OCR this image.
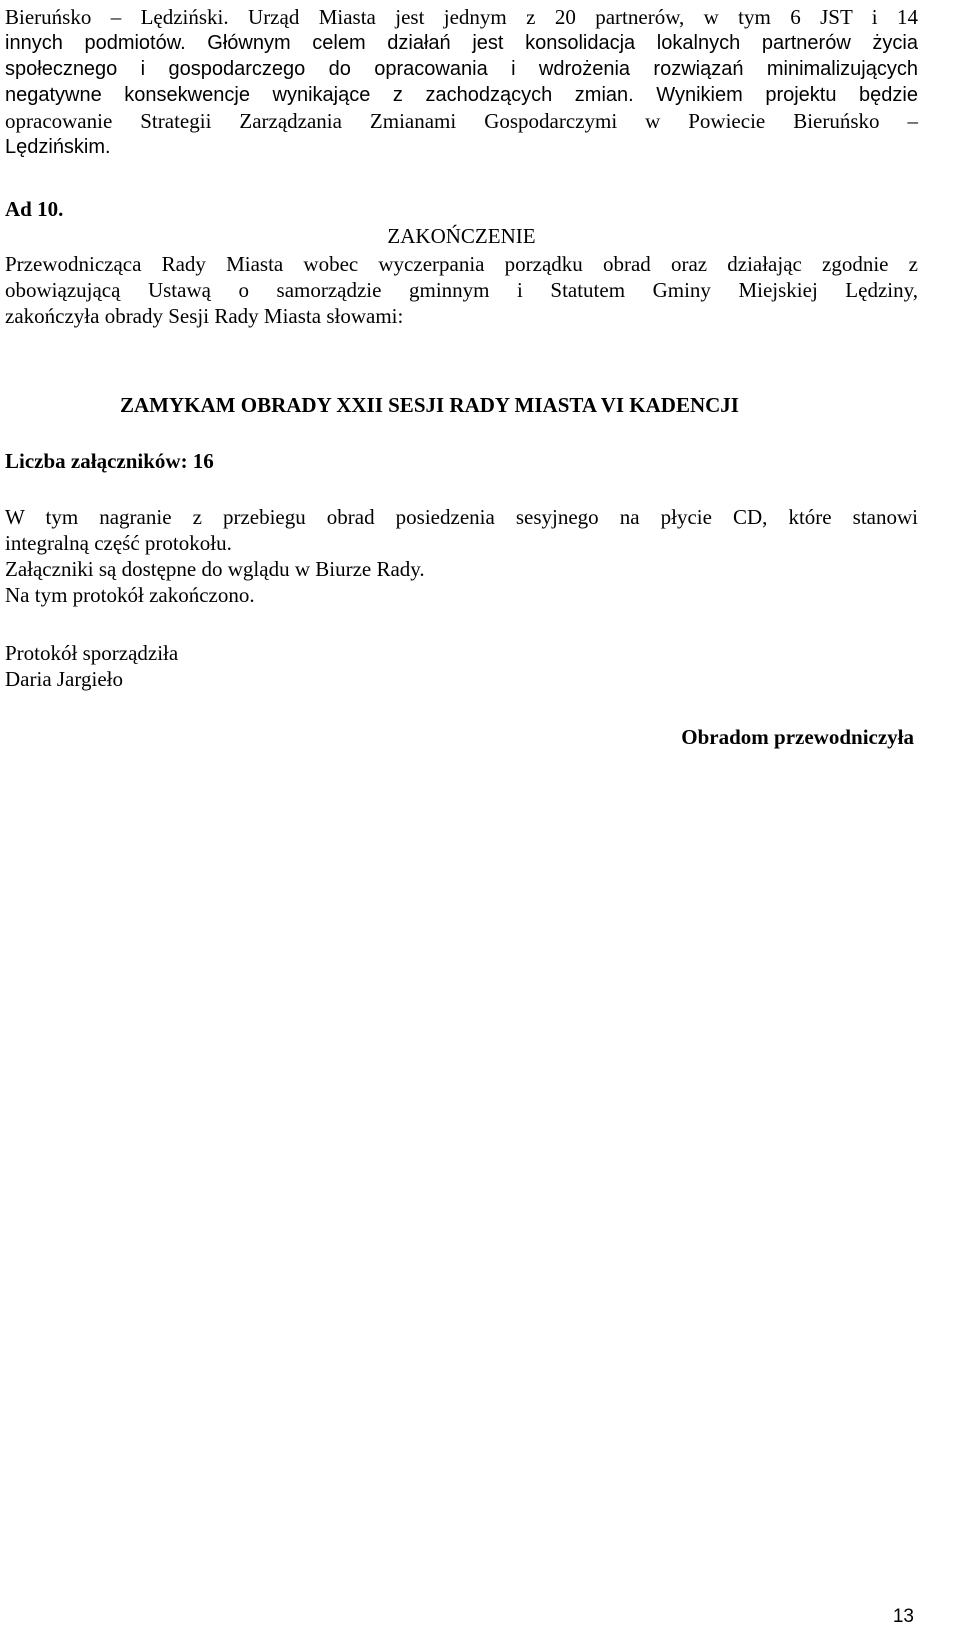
Bieruńsko – Lędziński. Urząd Miasta jest jednym z 20 partnerów, w tym 6 JST i 14
innych podmiotów. Głównym celem działań jest konsolidacja lokalnych partnerów życia
społecznego i gospodarczego do opracowania i wdrożenia rozwiązań minimalizujących
negatywne konsekwencje wynikające z zachodzących zmian. Wynikiem projektu będzie
opracowanie Strategii Zarządzania Zmianami Gospodarczymi w Powiecie Bieruńsko –
Lędzińskim.
Ad 10.
ZAKOŃCZENIE
Przewodnicząca Rady Miasta wobec wyczerpania porządku obrad oraz działając zgodnie z
obowiązującą Ustawą o samorządzie gminnym i Statutem Gminy Miejskiej Lędziny,
zakończyła obrady Sesji Rady Miasta słowami:
ZAMYKAM OBRADY XXII SESJI RADY MIASTA VI KADENCJI
Liczba załączników: 16
W tym nagranie z przebiegu obrad posiedzenia sesyjnego na płycie CD, które stanowi
integralną część protokołu.
Załączniki są dostępne do wglądu w Biurze Rady.
Na tym protokół zakończono.
Protokół sporządziła
Daria Jargieło
Obradom przewodniczyła
13
